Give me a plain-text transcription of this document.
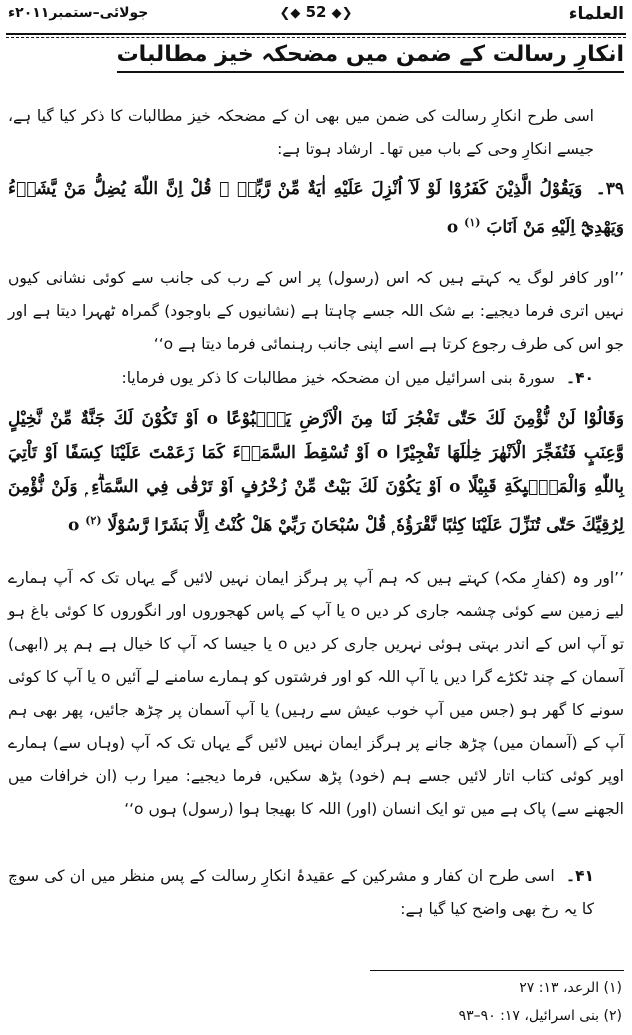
العلماء
❮◆ 52 ◆❯
جولائی–ستمبر۲۰۱۱ء
انکارِ رسالت کے ضمن میں مضحکہ خیز مطالبات
اسی طرح انکارِ رسالت کی ضمن میں بھی ان کے مضحکہ خیز مطالبات کا ذکر کیا گیا ہے، جیسے انکارِ وحی کے باب میں تھا۔ ارشاد ہوتا ہے:
۳۹۔ وَيَقُوْلُ الَّذِيْنَ كَفَرُوْا لَوْ لَآ اُنْزِلَ عَلَيْهِ اٰيَةٌ مِّنْ رَّبِّهٖ ۭ قُلْ اِنَّ اللّٰهَ يُضِلُّ مَنْ يَّشَاۗءُ وَيَهْدِيْٓ اِلَيْهِ مَنْ اَنَابَ o $^{(۱)}$
’’اور کافر لوگ یہ کہتے ہیں کہ اس (رسول) پر اس کے رب کی جانب سے کوئی نشانی کیوں نہیں اتری فرما دیجیے: بے شک اللہ جسے چاہتا ہے (نشانیوں کے باوجود) گمراہ ٹھہرا دیتا ہے اور جو اس کی طرف رجوع کرتا ہے اسے اپنی جانب رہنمائی فرما دیتا ہے o‘‘
۴۰۔ سورۃ بنی اسرائیل میں ان مضحکہ خیز مطالبات کا ذکر یوں فرمایا:
وَقَالُوْا لَنْ نُّؤْمِنَ لَكَ حَتّٰى تَفْجُرَ لَنَا مِنَ الْاَرْضِ يَنْۢبُوْعًا o اَوْ تَكُوْنَ لَكَ جَنَّةٌ مِّنْ نَّخِيْلٍ وَّعِنَبٍ فَتُفَجِّرَ الْاَنْهٰرَ خِلٰلَهَا تَفْجِيْرًا o اَوْ تُسْقِطَ السَّمَاۗءَ كَمَا زَعَمْتَ عَلَيْنَا كِسَفًا اَوْ تَاْتِيَ بِاللّٰهِ وَالْمَلٰۗىِٕكَةِ قَبِيْلًا o اَوْ يَكُوْنَ لَكَ بَيْتٌ مِّنْ زُخْرُفٍ اَوْ تَرْقٰى فِي السَّمَاۗءِ ۭ وَلَنْ نُّؤْمِنَ لِرُقِيِّكَ حَتّٰى تُنَزِّلَ عَلَيْنَا كِتٰبًا نَّقْرَؤُهٗ ۭ قُلْ سُبْحَانَ رَبِّيْ هَلْ كُنْتُ اِلَّا بَشَرًا رَّسُوْلًا o $^{(۲)}$
’’اور وہ (کفارِ مکہ) کہتے ہیں کہ ہم آپ پر ہرگز ایمان نہیں لائیں گے یہاں تک کہ آپ ہمارے لیے زمین سے کوئی چشمہ جاری کر دیں o یا آپ کے پاس کھجوروں اور انگوروں کا کوئی باغ ہو تو آپ اس کے اندر بہتی ہوئی نہریں جاری کر دیں o یا جیسا کہ آپ کا خیال ہے ہم پر (ابھی) آسمان کے چند ٹکڑے گرا دیں یا آپ اللہ کو اور فرشتوں کو ہمارے سامنے لے آئیں o یا آپ کا کوئی سونے کا گھر ہو (جس میں آپ خوب عیش سے رہیں) یا آپ آسمان پر چڑھ جائیں، پھر بھی ہم آپ کے (آسمان میں) چڑھ جانے پر ہرگز ایمان نہیں لائیں گے یہاں تک کہ آپ (وہاں سے) ہمارے اوپر کوئی کتاب اتار لائیں جسے ہم (خود) پڑھ سکیں، فرما دیجیے: میرا رب (ان خرافات میں الجھنے سے) پاک ہے میں تو ایک انسان (اور) اللہ کا بھیجا ہوا (رسول) ہوں o‘‘
۴۱۔ اسی طرح ان کفار و مشرکین کے عقیدۂ انکارِ رسالت کے پس منظر میں ان کی سوچ کا یہ رخ بھی واضح کیا گیا ہے:
(۱) الرعد، ۱۳: ۲۷
(۲) بنی اسرائیل، ۱۷: ۹۰–۹۳
